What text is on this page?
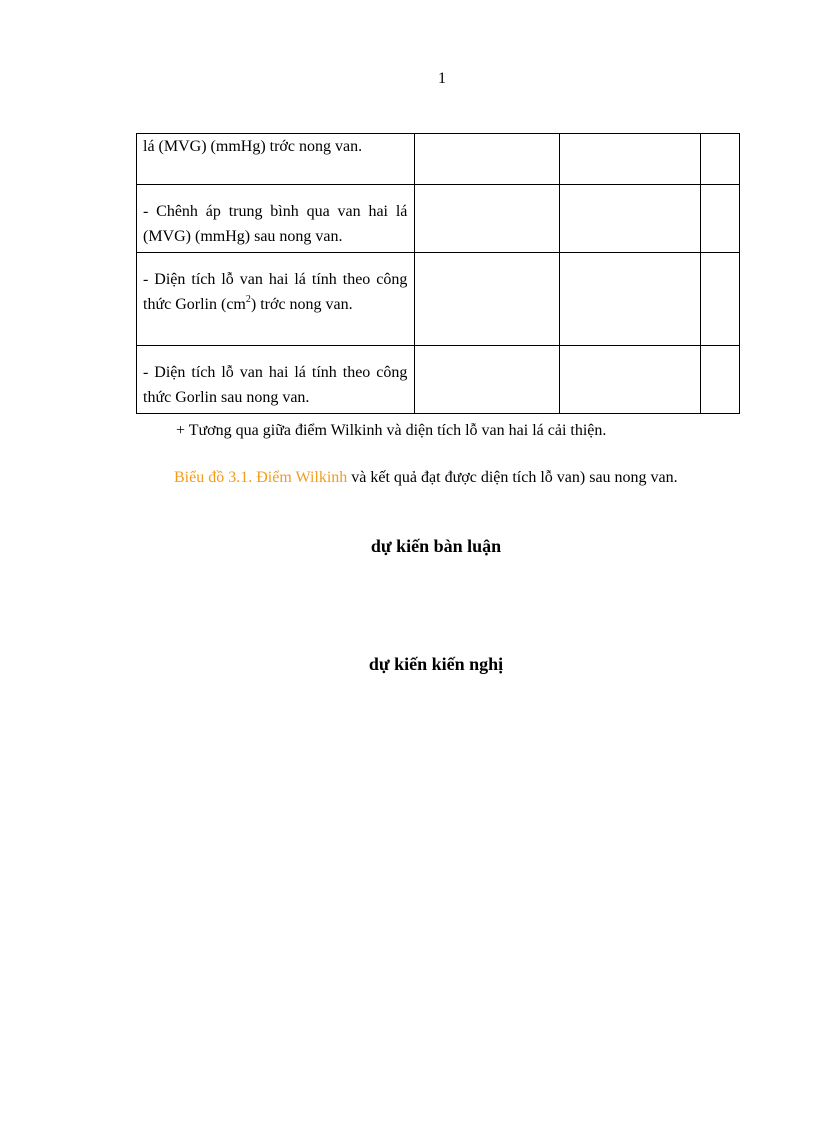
1
lá (MVG) (mmHg) trớc nong van.			

- Chênh áp trung bình qua van hai lá (MVG) (mmHg) sau nong van.			

- Diện tích lỗ van hai lá tính theo công thức Gorlin $(cm^2)$ trớc nong van.			

- Diện tích lỗ van hai lá tính theo công thức Gorlin sau nong van.			

+ Tương qua giữa điểm Wilkinh và diện tích lỗ van hai lá cải thiện.
Biểu đồ 3.1. Điểm Wilkinh và kết quả đạt được diện tích lỗ van) sau nong van.
dự kiến bàn luận
dự kiến kiến nghị
